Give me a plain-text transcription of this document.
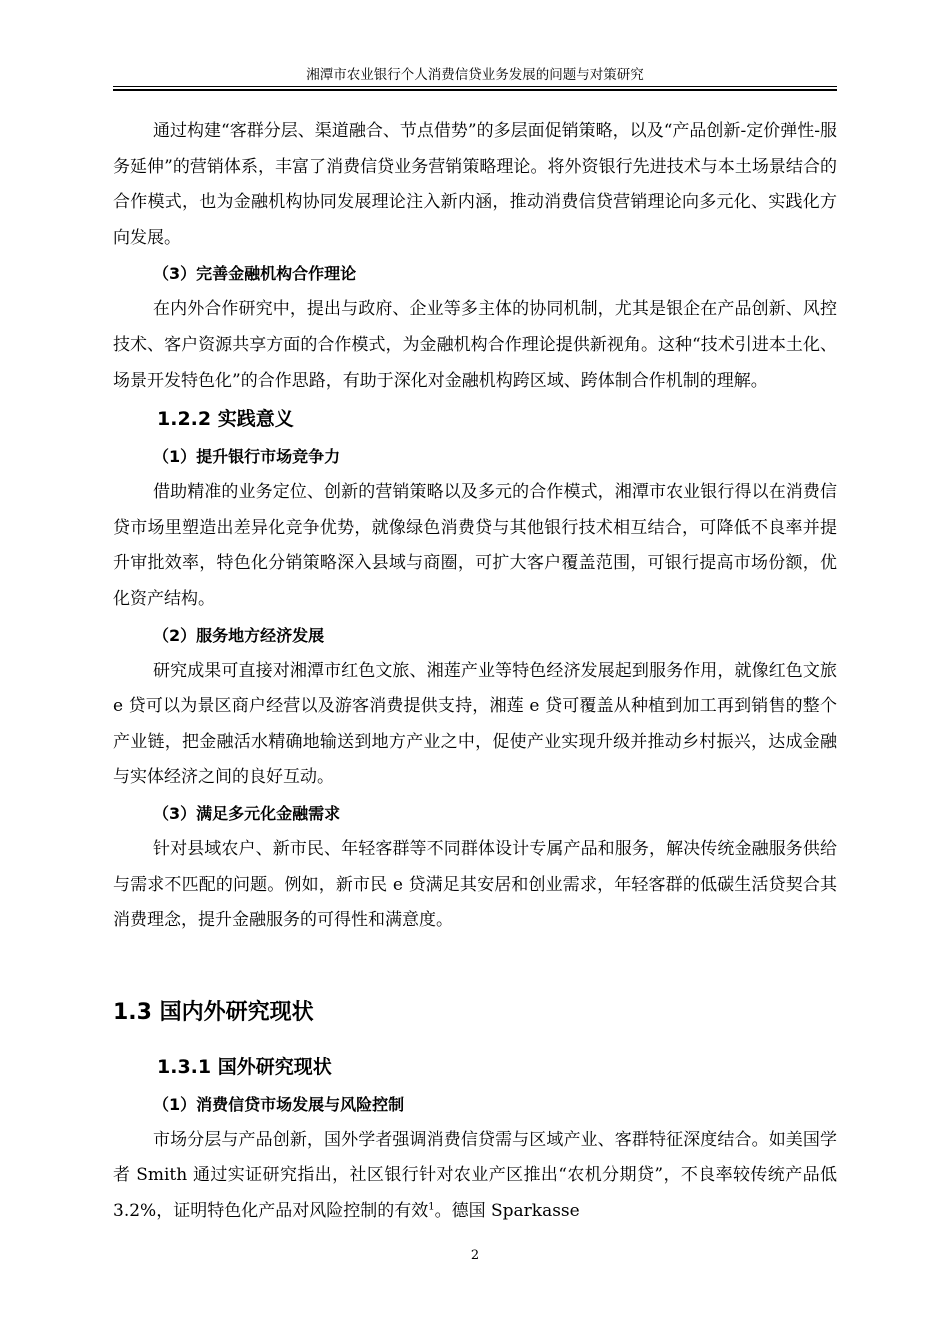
湘潭市农业银行个人消费信贷业务发展的问题与对策研究

通过构建“客群分层、渠道融合、节点借势”的多层面促销策略，以及“产品创新-定价弹性-服务延伸”的营销体系，丰富了消费信贷业务营销策略理论。将外资银行先进技术与本土场景结合的合作模式，也为金融机构协同发展理论注入新内涵，推动消费信贷营销理论向多元化、实践化方向发展。

（3）完善金融机构合作理论

在内外合作研究中，提出与政府、企业等多主体的协同机制，尤其是银企在产品创新、风控技术、客户资源共享方面的合作模式，为金融机构合作理论提供新视角。这种“技术引进本土化、场景开发特色化”的合作思路，有助于深化对金融机构跨区域、跨体制合作机制的理解。

1.2.2 实践意义
（1）提升银行市场竞争力

借助精准的业务定位、创新的营销策略以及多元的合作模式，湘潭市农业银行得以在消费信贷市场里塑造出差异化竞争优势，就像绿色消费贷与其他银行技术相互结合，可降低不良率并提升审批效率，特色化分销策略深入县域与商圈，可扩大客户覆盖范围，可银行提高市场份额，优化资产结构。

（2）服务地方经济发展

研究成果可直接对湘潭市红色文旅、湘莲产业等特色经济发展起到服务作用，就像红色文旅 e 贷可以为景区商户经营以及游客消费提供支持，湘莲 e 贷可覆盖从种植到加工再到销售的整个产业链，把金融活水精确地输送到地方产业之中，促使产业实现升级并推动乡村振兴，达成金融与实体经济之间的良好互动。

（3）满足多元化金融需求

针对县域农户、新市民、年轻客群等不同群体设计专属产品和服务，解决传统金融服务供给与需求不匹配的问题。例如，新市民 e 贷满足其安居和创业需求，年轻客群的低碳生活贷契合其消费理念，提升金融服务的可得性和满意度。

1.3 国内外研究现状
1.3.1 国外研究现状
（1）消费信贷市场发展与风险控制

市场分层与产品创新，国外学者强调消费信贷需与区域产业、客群特征深度结合。如美国学者 Smith 通过实证研究指出，社区银行针对农业产区推出“农机分期贷”，不良率较传统产品低 3.2%，证明特色化产品对风险控制的有效$^1$。德国 Sparkasse

2
